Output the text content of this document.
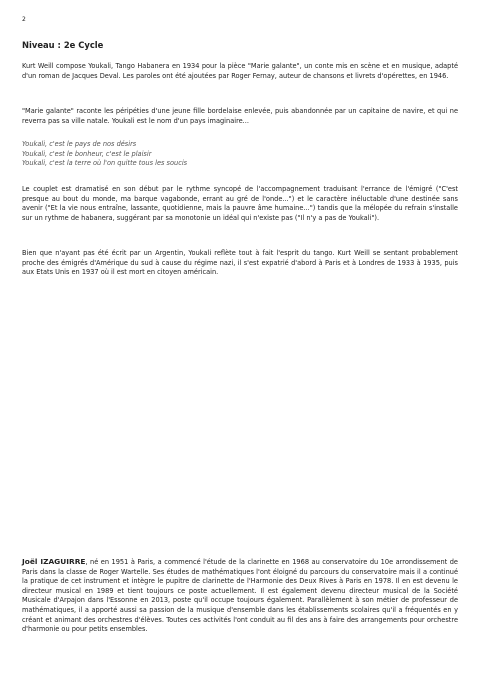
2
Niveau : 2e Cycle

Kurt Weill compose Youkali, Tango Habanera en 1934 pour la pièce "Marie galante", un conte mis en scène et en musique, adapté d'un roman de Jacques Deval. Les paroles ont été ajoutées par Roger Fernay, auteur de chansons et livrets d'opérettes, en 1946.

"Marie galante" raconte les péripéties d'une jeune fille bordelaise enlevée, puis abandonnée par un capitaine de navire, et qui ne reverra pas sa ville natale. Youkali est le nom d'un pays imaginaire...

Youkali, c'est le pays de nos désirs
Youkali, c'est le bonheur, c'est le plaisir
Youkali, c'est la terre où l'on quitte tous les soucis

Le couplet est dramatisé en son début par le rythme syncopé de l'accompagnement traduisant l'errance de l'émigré ("C'est presque au bout du monde, ma barque vagabonde, errant au gré de l'onde...") et le caractère inéluctable d'une destinée sans avenir ("Et la vie nous entraîne, lassante, quotidienne, mais la pauvre âme humaine...") tandis que la mélopée du refrain s'installe sur un rythme de habanera, suggérant par sa monotonie un idéal qui n'existe pas ("Il n'y a pas de Youkali").

Bien que n'ayant pas été écrit par un Argentin, Youkali reflète tout à fait l'esprit du tango. Kurt Weill se sentant probablement proche des émigrés d'Amérique du sud à cause du régime nazi, il s'est expatrié d'abord à Paris et à Londres de 1933 à 1935, puis aux Etats Unis en 1937 où il est mort en citoyen américain.

Joël IZAGUIRRE, né en 1951 à Paris, a commencé l'étude de la clarinette en 1968 au conservatoire du 10e arrondissement de Paris dans la classe de Roger Wartelle. Ses études de mathématiques l'ont éloigné du parcours du conservatoire mais il a continué la pratique de cet instrument et intègre le pupitre de clarinette de l'Harmonie des Deux Rives à Paris en 1978. Il en est devenu le directeur musical en 1989 et tient toujours ce poste actuellement. Il est également devenu directeur musical de la Société Musicale d'Arpajon dans l'Essonne en 2013, poste qu'il occupe toujours également. Parallèlement à son métier de professeur de mathématiques, il a apporté aussi sa passion de la musique d'ensemble dans les établissements scolaires qu'il a fréquentés en y créant et animant des orchestres d'élèves. Toutes ces activités l'ont conduit au fil des ans à faire des arrangements pour orchestre d'harmonie ou pour petits ensembles.
